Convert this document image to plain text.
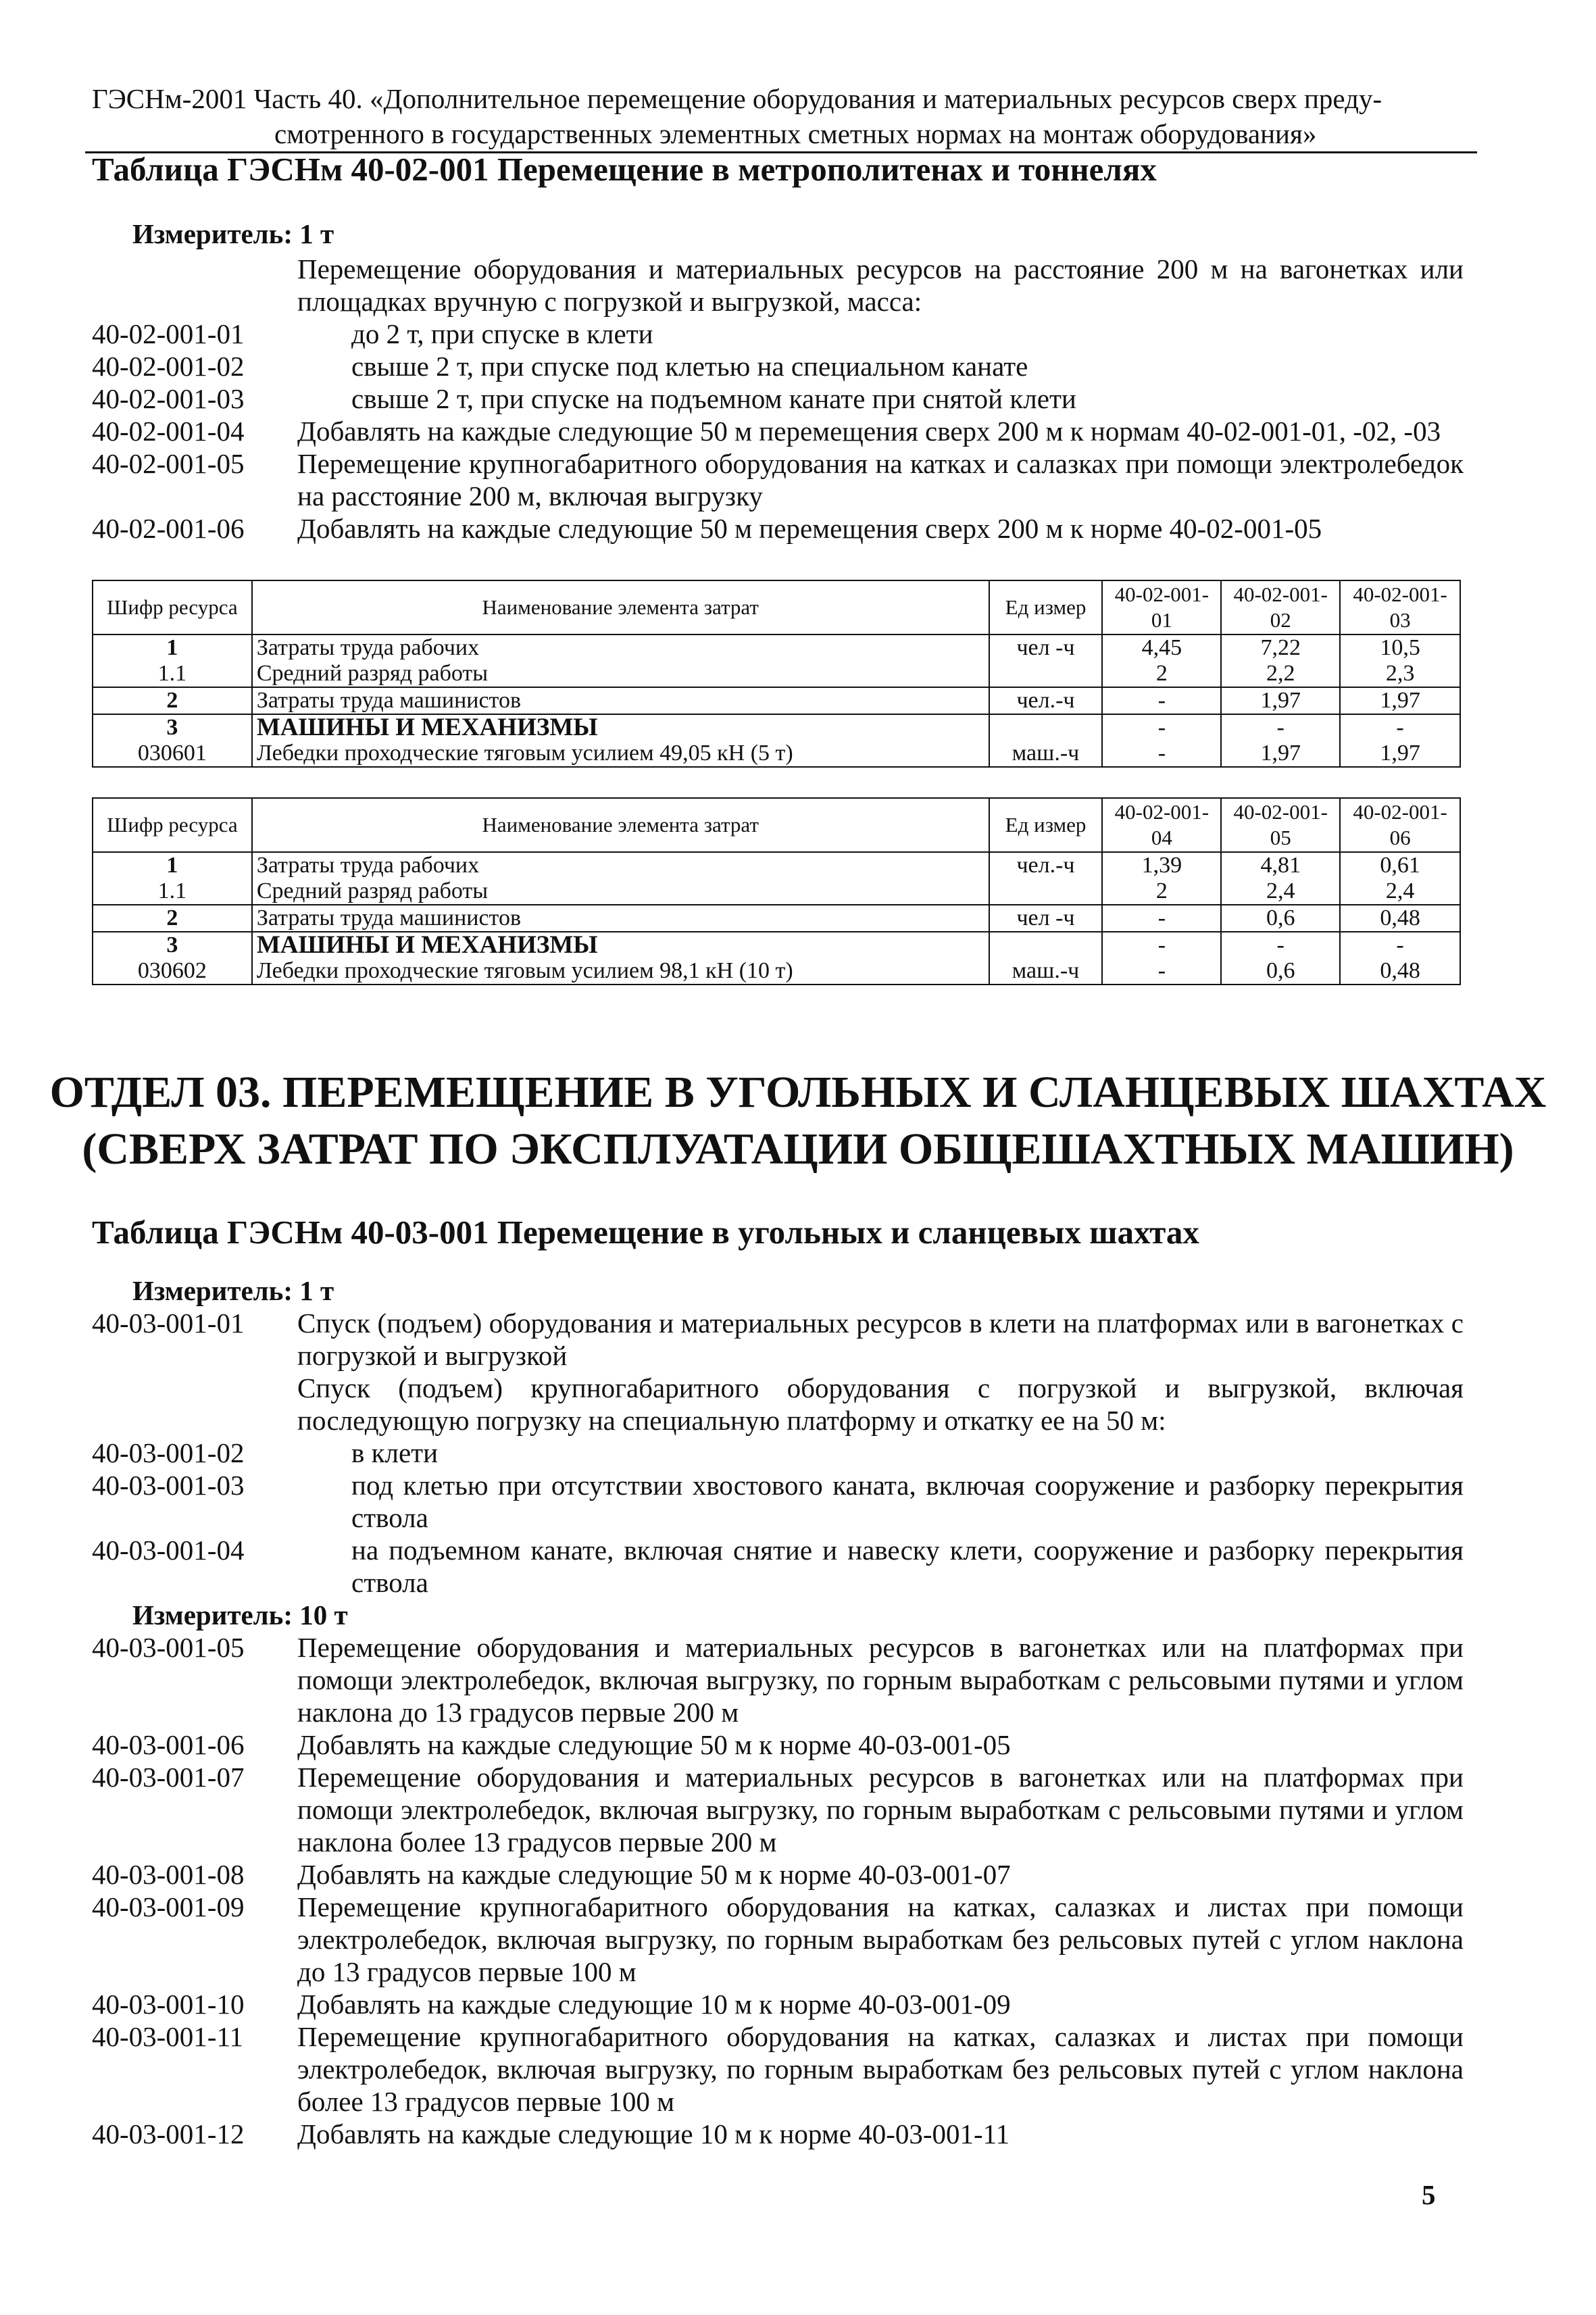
ГЭСНм-2001 Часть 40. «Дополнительное перемещение оборудования и материальных ресурсов сверх преду-
смотренного в государственных элементных сметных нормах на монтаж оборудования»
Таблица ГЭСНм 40-02-001 Перемещение в метрополитенах и тоннелях
Измеритель: 1 т
Перемещение оборудования и материальных ресурсов на расстояние 200 м на вагонетках или площадках вручную с погрузкой и выгрузкой, масса:
40-02-001-01	до 2 т, при спуске в клети
40-02-001-02	свыше 2 т, при спуске под клетью на специальном канате
40-02-001-03	свыше 2 т, при спуске на подъемном канате при снятой клети
40-02-001-04	Добавлять на каждые следующие 50 м перемещения сверх 200 м к нормам 40-02-001-01, -02, -03
40-02-001-05	Перемещение крупногабаритного оборудования на катках и салазках при помощи электролебедок на расстояние 200 м, включая выгрузку
40-02-001-06	Добавлять на каждые следующие 50 м перемещения сверх 200 м к норме 40-02-001-05
Шифр ресурса	Наименование элемента затрат	Ед измер	40-02-001-01	40-02-001-02	40-02-001-03
1	Затраты труда рабочих	чел -ч	4,45	7,22	10,5
1.1	Средний разряд работы		2	2,2	2,3
2	Затраты труда машинистов	чел.-ч	-	1,97	1,97
3	МАШИНЫ И МЕХАНИЗМЫ		-	-	-
030601	Лебедки проходческие тяговым усилием 49,05 кН (5 т)	маш.-ч	-	1,97	1,97
Шифр ресурса	Наименование элемента затрат	Ед измер	40-02-001-04	40-02-001-05	40-02-001-06
1	Затраты труда рабочих	чел.-ч	1,39	4,81	0,61
1.1	Средний разряд работы		2	2,4	2,4
2	Затраты труда машинистов	чел -ч	-	0,6	0,48
3	МАШИНЫ И МЕХАНИЗМЫ		-	-	-
030602	Лебедки проходческие тяговым усилием 98,1 кН (10 т)	маш.-ч	-	0,6	0,48
ОТДЕЛ 03. ПЕРЕМЕЩЕНИЕ В УГОЛЬНЫХ И СЛАНЦЕВЫХ ШАХТАХ
(СВЕРХ ЗАТРАТ ПО ЭКСПЛУАТАЦИИ ОБЩЕШАХТНЫХ МАШИН)
Таблица ГЭСНм 40-03-001 Перемещение в угольных и сланцевых шахтах
Измеритель: 1 т
40-03-001-01	Спуск (подъем) оборудования и материальных ресурсов в клети на платформах или в вагонетках с погрузкой и выгрузкой
Спуск (подъем) крупногабаритного оборудования с погрузкой и выгрузкой, включая последующую погрузку на специальную платформу и откатку ее на 50 м:
40-03-001-02	в клети
40-03-001-03	под клетью при отсутствии хвостового каната, включая сооружение и разборку перекрытия ствола
40-03-001-04	на подъемном канате, включая снятие и навеску клети, сооружение и разборку перекрытия ствола
Измеритель: 10 т
40-03-001-05	Перемещение оборудования и материальных ресурсов в вагонетках или на платформах при помощи электролебедок, включая выгрузку, по горным выработкам с рельсовыми путями и углом наклона до 13 градусов первые 200 м
40-03-001-06	Добавлять на каждые следующие 50 м к норме 40-03-001-05
40-03-001-07	Перемещение оборудования и материальных ресурсов в вагонетках или на платформах при помощи электролебедок, включая выгрузку, по горным выработкам с рельсовыми путями и углом наклона более 13 градусов первые 200 м
40-03-001-08	Добавлять на каждые следующие 50 м к норме 40-03-001-07
40-03-001-09	Перемещение крупногабаритного оборудования на катках, салазках и листах при помощи электролебедок, включая выгрузку, по горным выработкам без рельсовых путей с углом наклона до 13 градусов первые 100 м
40-03-001-10	Добавлять на каждые следующие 10 м к норме 40-03-001-09
40-03-001-11	Перемещение крупногабаритного оборудования на катках, салазках и листах при помощи электролебедок, включая выгрузку, по горным выработкам без рельсовых путей с углом наклона более 13 градусов первые 100 м
40-03-001-12	Добавлять на каждые следующие 10 м к норме 40-03-001-11
5
